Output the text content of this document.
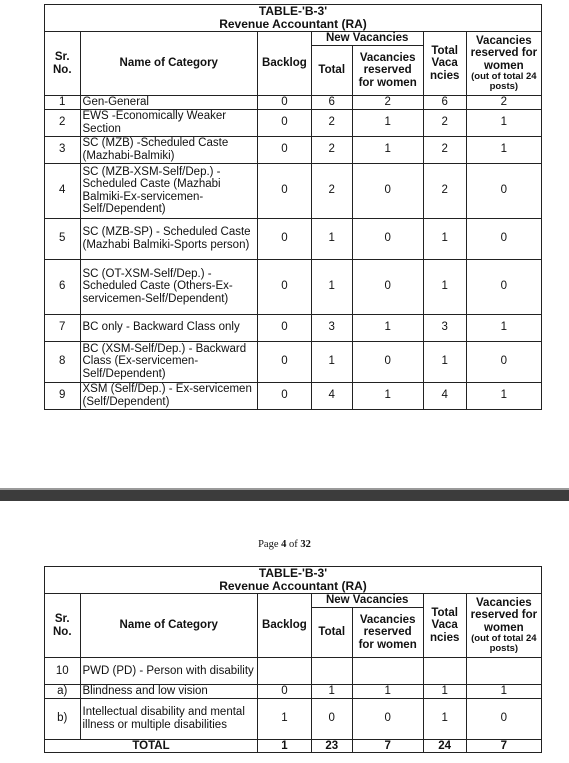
TABLE-'B-3'
Revenue Accountant (RA)						

Sr. No.	Name of Category	Backlog	New Vacancies		Total Vaca ncies	Vacancies reserved for women
(out of total 24 posts)

			Total	Vacancies reserved for women		
1	Gen-General	0	6	2	6	2
2	EWS -Economically Weaker Section	0	2	1	2	1
3	SC (MZB) -Scheduled Caste (Mazhabi-Balmiki)	0	2	1	2	1
4	SC (MZB-XSM-Self/Dep.) - Scheduled Caste (Mazhabi Balmiki-Ex-servicemen-Self/Dependent)	0	2	0	2	0
5	SC (MZB-SP) - Scheduled Caste (Mazhabi Balmiki-Sports person)	0	1	0	1	0
6	SC (OT-XSM-Self/Dep.) - Scheduled Caste (Others-Ex-servicemen-Self/Dependent)	0	1	0	1	0
7	BC only - Backward Class only	0	3	1	3	1
8	BC (XSM-Self/Dep.) - Backward Class (Ex-servicemen-Self/Dependent)	0	1	0	1	0
9	XSM (Self/Dep.) - Ex-servicemen (Self/Dependent)	0	4	1	4	1
Page 4 of 32
TABLE-'B-3'
Revenue Accountant (RA)						

Sr. No.	Name of Category	Backlog	New Vacancies		Total Vaca ncies	Vacancies reserved for women
(out of total 24 posts)

			Total	Vacancies reserved for women		
10	PWD (PD) - Person with disability					
a)	Blindness and low vision	0	1	1	1	1
b)	Intellectual disability and mental illness or multiple disabilities	1	0	0	1	0
TOTAL		1	23	7	24	7
